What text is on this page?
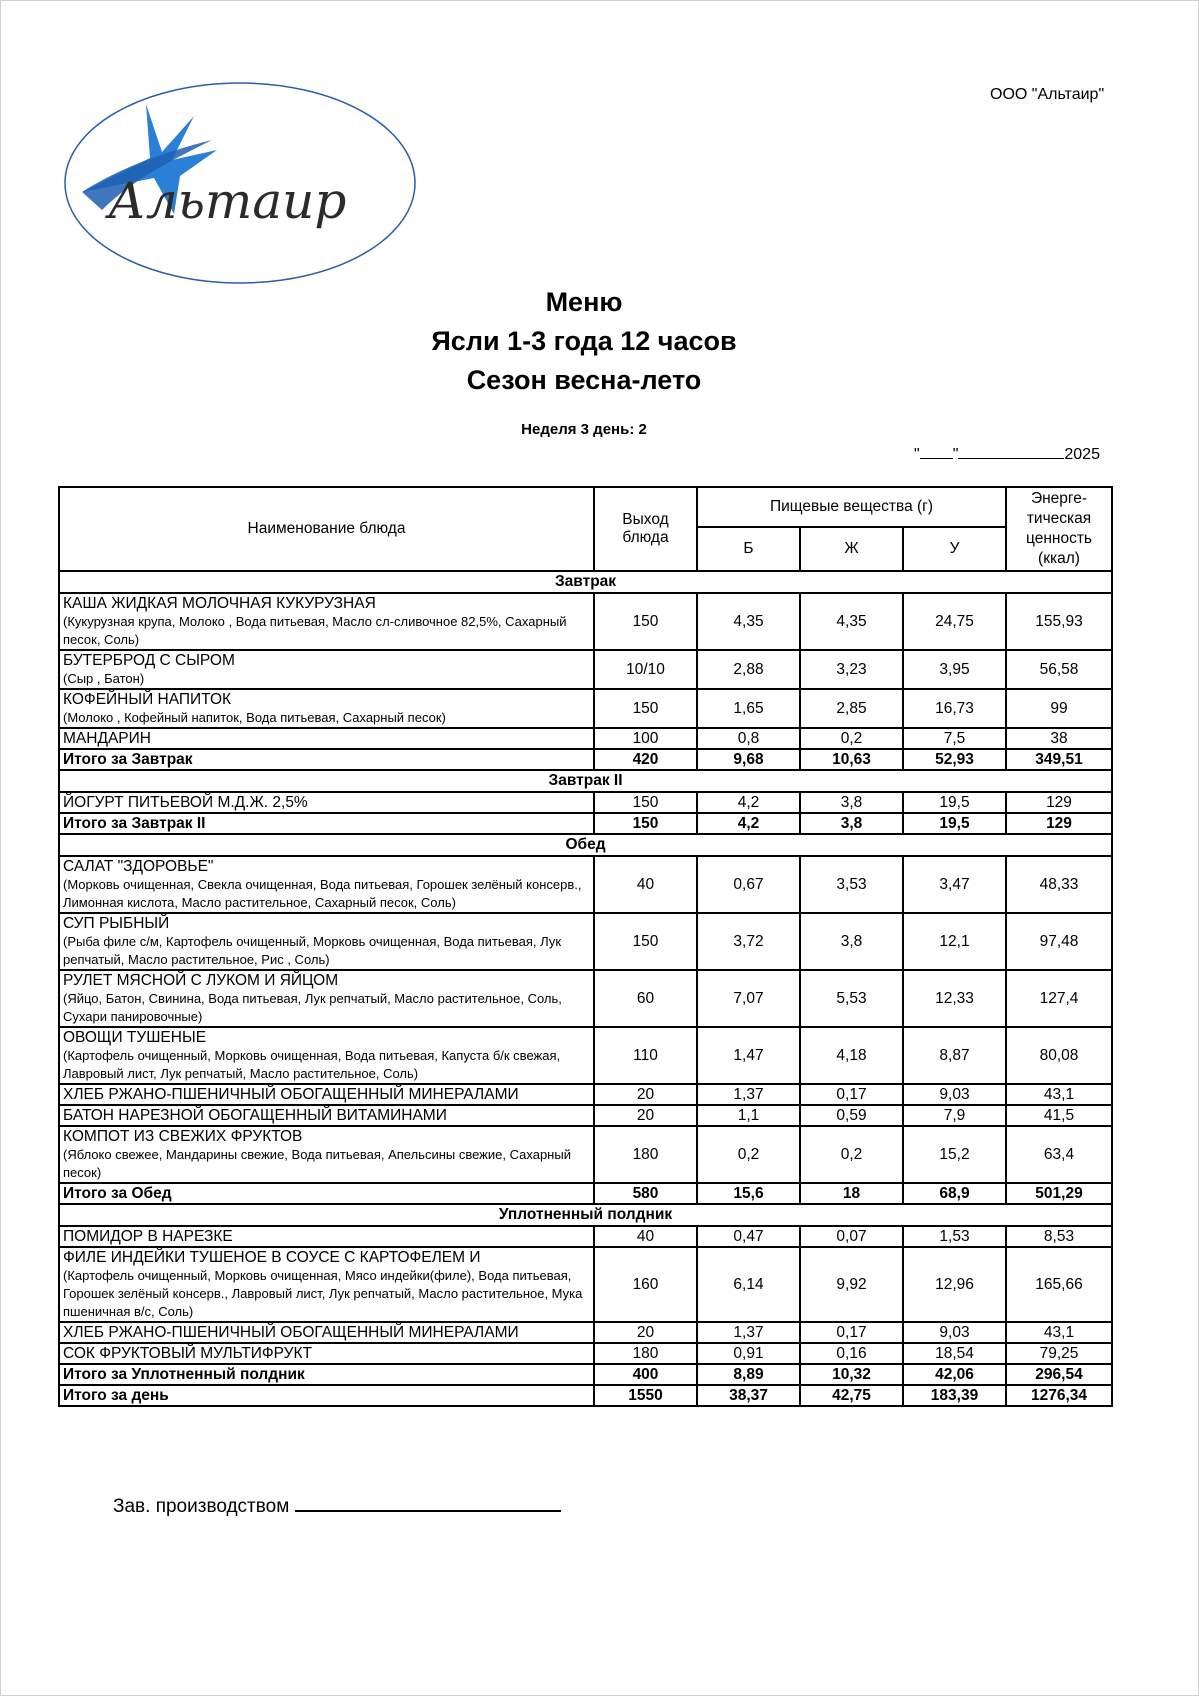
ООО "Альтаир"
Альтаир
Меню
Ясли 1-3 года 12 часов
Сезон весна-лето
Неделя 3 день: 2
" "	2025
Наименование блюда	Выход блюда	Пищевые вещества (г)			Энерге-тическая ценность (ккал)
		Б	Ж	У	
Завтрак					

КАША ЖИДКАЯ МОЛОЧНАЯ КУКУРУЗНАЯ
(Кукурузная крупа, Молоко , Вода питьевая, Масло сл-сливочное 82,5%, Сахарный песок, Соль)	150	4,35	4,35	24,75	155,93

БУТЕРБРОД С СЫРОМ
(Сыр , Батон)	10/10	2,88	3,23	3,95	56,58

КОФЕЙНЫЙ НАПИТОК
(Молоко , Кофейный напиток, Вода питьевая, Сахарный песок)	150	1,65	2,85	16,73	99

МАНДАРИН	100	0,8	0,2	7,5	38
Итого за Завтрак	420	9,68	10,63	52,93	349,51
Завтрак II					

ЙОГУРТ ПИТЬЕВОЙ М.Д.Ж. 2,5%	150	4,2	3,8	19,5	129
Итого за Завтрак II	150	4,2	3,8	19,5	129
Обед					

САЛАТ "ЗДОРОВЬЕ"
(Морковь очищенная, Свекла очищенная, Вода питьевая, Горошек зелёный консерв., Лимонная кислота, Масло растительное, Сахарный песок, Соль)	40	0,67	3,53	3,47	48,33

СУП РЫБНЫЙ
(Рыба филе с/м, Картофель очищенный, Морковь очищенная, Вода питьевая, Лук репчатый, Масло растительное, Рис , Соль)	150	3,72	3,8	12,1	97,48

РУЛЕТ МЯСНОЙ С ЛУКОМ И ЯЙЦОМ
(Яйцо, Батон, Свинина, Вода питьевая, Лук репчатый, Масло растительное, Соль, Сухари панировочные)	60	7,07	5,53	12,33	127,4

ОВОЩИ ТУШЕНЫЕ
(Картофель очищенный, Морковь очищенная, Вода питьевая, Капуста б/к свежая, Лавровый лист, Лук репчатый, Масло растительное, Соль)	110	1,47	4,18	8,87	80,08

ХЛЕБ РЖАНО-ПШЕНИЧНЫЙ ОБОГАЩЕННЫЙ МИНЕРАЛАМИ	20	1,37	0,17	9,03	43,1

БАТОН НАРЕЗНОЙ ОБОГАЩЕННЫЙ ВИТАМИНАМИ	20	1,1	0,59	7,9	41,5

КОМПОТ ИЗ СВЕЖИХ ФРУКТОВ
(Яблоко свежее, Мандарины свежие, Вода питьевая, Апельсины свежие, Сахарный песок)	180	0,2	0,2	15,2	63,4
Итого за Обед	580	15,6	18	68,9	501,29
Уплотненный полдник					

ПОМИДОР В НАРЕЗКЕ	40	0,47	0,07	1,53	8,53

ФИЛЕ ИНДЕЙКИ ТУШЕНОЕ В СОУСЕ С КАРТОФЕЛЕМ И
(Картофель очищенный, Морковь очищенная, Мясо индейки(филе), Вода питьевая, Горошек зелёный консерв., Лавровый лист, Лук репчатый, Масло растительное, Мука пшеничная в/с, Соль)	160	6,14	9,92	12,96	165,66

ХЛЕБ РЖАНО-ПШЕНИЧНЫЙ ОБОГАЩЕННЫЙ МИНЕРАЛАМИ	20	1,37	0,17	9,03	43,1

СОК ФРУКТОВЫЙ МУЛЬТИФРУКТ	180	0,91	0,16	18,54	79,25
Итого за Уплотненный полдник	400	8,89	10,32	42,06	296,54
Итого за день	1550	38,37	42,75	183,39	1276,34
Зав. производством
